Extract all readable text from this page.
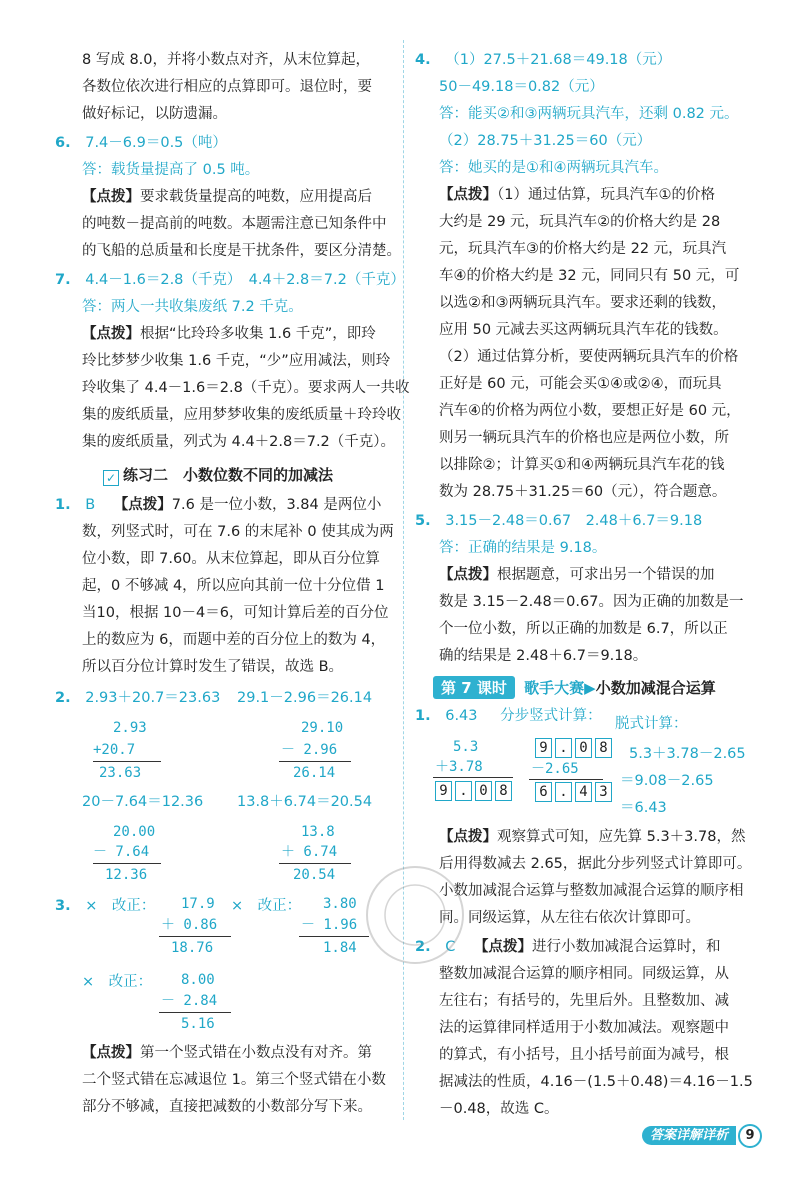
8 写成 8.0，并将小数点对齐，从末位算起，
各数位依次进行相应的点算即可。退位时，要
做好标记，以防遗漏。
6. 7.4－6.9＝0.5（吨）
答：载货量提高了 0.5 吨。
【点拨】要求载货量提高的吨数，应用提高后
的吨数－提高前的吨数。本题需注意已知条件中
的飞船的总质量和长度是干扰条件，要区分清楚。
7. 4.4－1.6＝2.8（千克）　4.4＋2.8＝7.2（千克）
答：两人一共收集废纸 7.2 千克。
【点拨】根据“比玲玲多收集 1.6 千克”，即玲
玲比梦梦少收集 1.6 千克，“少”应用减法，则玲
玲收集了 4.4－1.6＝2.8（千克）。要求两人一共收
集的废纸质量，应用梦梦收集的废纸质量＋玲玲收
集的废纸质量，列式为 4.4＋2.8＝7.2（千克）。
✓ 练习二　小数位数不同的加减法
1. B 【点拨】7.6 是一位小数，3.84 是两位小
数，列竖式时，可在 7.6 的末尾补 0 使其成为两
位小数，即 7.60。从末位算起，即从百分位算
起，0 不够减 4，所以应向其前一位十分位借 1
当10，根据 10－4＝6，可知计算后差的百分位
上的数应为 6，而题中差的百分位上的数为 4，
所以百分位计算时发生了错误，故选 B。
2. 2.93＋20.7＝23.63 29.1－2.96＝26.14
2.93
+20.7
23.63
29.10
－ 2.96
26.14
20－7.64＝12.36 13.8＋6.74＝20.54
20.00
－ 7.64
12.36
13.8
＋ 6.74
20.54
3. ×　改正： 17.9
＋ 0.86
18.76
×　改正： 3.80
－ 1.96
1.84
×　改正： 8.00
－ 2.84
5.16
【点拨】第一个竖式错在小数点没有对齐。第
二个竖式错在忘减退位 1。第三个竖式错在小数
部分不够减，直接把减数的小数部分写下来。
4. （1）27.5＋21.68＝49.18（元）
50－49.18＝0.82（元）
答：能买②和③两辆玩具汽车，还剩 0.82 元。
（2）28.75＋31.25＝60（元）
答：她买的是①和④两辆玩具汽车。
【点拨】（1）通过估算，玩具汽车①的价格
大约是 29 元，玩具汽车②的价格大约是 28
元，玩具汽车③的价格大约是 22 元，玩具汽
车④的价格大约是 32 元，同同只有 50 元，可
以选②和③两辆玩具汽车。要求还剩的钱数，
应用 50 元减去买这两辆玩具汽车花的钱数。
（2）通过估算分析，要使两辆玩具汽车的价格
正好是 60 元，可能会买①④或②④，而玩具
汽车④的价格为两位小数，要想正好是 60 元，
则另一辆玩具汽车的价格也应是两位小数，所
以排除②；计算买①和④两辆玩具汽车花的钱
数为 28.75＋31.25＝60（元），符合题意。
5. 3.15－2.48＝0.67　2.48＋6.7＝9.18
答：正确的结果是 9.18。
【点拨】根据题意，可求出另一个错误的加
数是 3.15－2.48＝0.67。因为正确的加数是一
个一位小数，所以正确的加数是 6.7，所以正
确的结果是 2.48＋6.7＝9.18。
第 7 课时 歌手大赛▶小数加减混合运算
1. 6.43 分步竖式计算： 脱式计算：
5.3
＋3.78
9 . 0 8
9 . 0 8
－2.65
6 . 4 3
5.3＋3.78－2.65
＝9.08－2.65
＝6.43
【点拨】观察算式可知，应先算 5.3＋3.78，然
后用得数减去 2.65，据此分步列竖式计算即可。
小数加减混合运算与整数加减混合运算的顺序相
同。同级运算，从左往右依次计算即可。
2. C 【点拨】进行小数加减混合运算时，和
整数加减混合运算的顺序相同。同级运算，从
左往右；有括号的，先里后外。且整数加、减
法的运算律同样适用于小数加减法。观察题中
的算式，有小括号，且小括号前面为减号，根
据减法的性质，4.16－(1.5＋0.48)＝4.16－1.5
－0.48，故选 C。
答案详解详析 9
